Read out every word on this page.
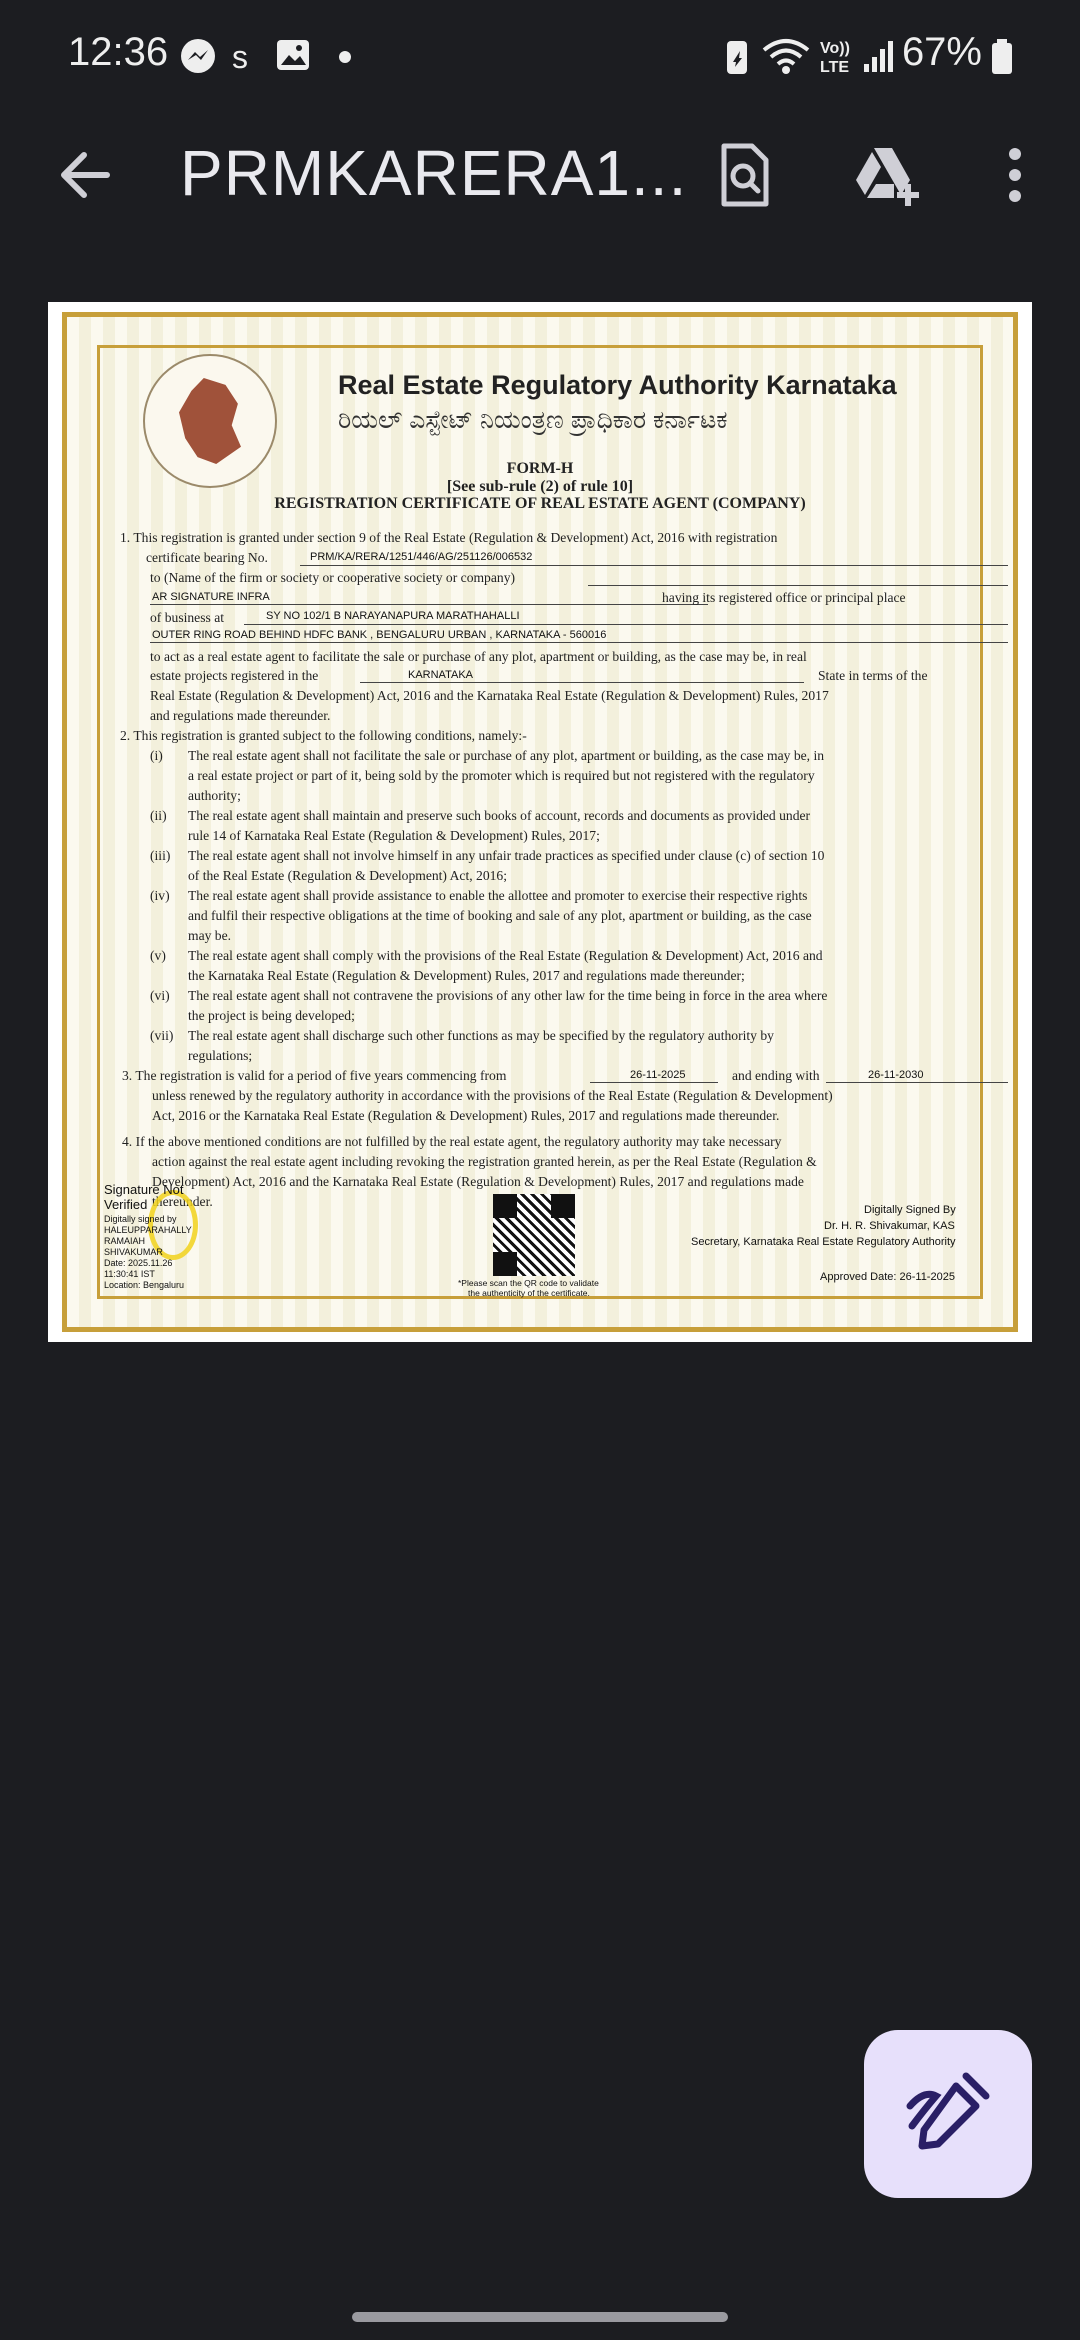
12:36 s	Vo))
LTE 67%
PRMKARERA1...
Real Estate Regulatory Authority Karnataka
ರಿಯಲ್ ಎಸ್ಟೇಟ್ ನಿಯಂತ್ರಣ ಪ್ರಾಧಿಕಾರ ಕರ್ನಾಟಕ
FORM-H
[See sub-rule (2) of rule 10]
REGISTRATION CERTIFICATE OF REAL ESTATE AGENT (COMPANY)
1. This registration is granted under section 9 of the Real Estate (Regulation & Development) Act, 2016 with registration
certificate bearing No.	PRM/KA/RERA/1251/446/AG/251126/006532
to (Name of the firm or society or cooperative society or company)
AR SIGNATURE INFRA	having its registered office or principal place
of business at	SY NO 102/1 B NARAYANAPURA MARATHAHALLI
OUTER RING ROAD BEHIND HDFC BANK , BENGALURU URBAN , KARNATAKA - 560016
to act as a real estate agent to facilitate the sale or purchase of any plot, apartment or building, as the case may be, in real
estate projects registered in the	KARNATAKA	State in terms of the
Real Estate (Regulation & Development) Act, 2016 and the Karnataka Real Estate (Regulation & Development) Rules, 2017
and regulations made thereunder.
2. This registration is granted subject to the following conditions, namely:-
(i) The real estate agent shall not facilitate the sale or purchase of any plot, apartment or building, as the case may be, in
a real estate project or part of it, being sold by the promoter which is required but not registered with the regulatory
authority;
(ii) The real estate agent shall maintain and preserve such books of account, records and documents as provided under
rule 14 of Karnataka Real Estate (Regulation & Development) Rules, 2017;
(iii) The real estate agent shall not involve himself in any unfair trade practices as specified under clause (c) of section 10
of the Real Estate (Regulation & Development) Act, 2016;
(iv) The real estate agent shall provide assistance to enable the allottee and promoter to exercise their respective rights
and fulfil their respective obligations at the time of booking and sale of any plot, apartment or building, as the case
may be.
(v) The real estate agent shall comply with the provisions of the Real Estate (Regulation & Development) Act, 2016 and
the Karnataka Real Estate (Regulation & Development) Rules, 2017 and regulations made thereunder;
(vi) The real estate agent shall not contravene the provisions of any other law for the time being in force in the area where
the project is being developed;
(vii) The real estate agent shall discharge such other functions as may be specified by the regulatory authority by
regulations;
3. The registration is valid for a period of five years commencing from	26-11-2025	and ending with	26-11-2030
unless renewed by the regulatory authority in accordance with the provisions of the Real Estate (Regulation & Development)
Act, 2016 or the Karnataka Real Estate (Regulation & Development) Rules, 2017 and regulations made thereunder.
4. If the above mentioned conditions are not fulfilled by the real estate agent, the regulatory authority may take necessary
action against the real estate agent including revoking the registration granted herein, as per the Real Estate (Regulation &
Development) Act, 2016 and the Karnataka Real Estate (Regulation & Development) Rules, 2017 and regulations made
thereunder.
Signature Not
Verified
Digitally signed by
HALEUPPARAHALLY
RAMAIAH
SHIVAKUMAR
Date: 2025.11.26
11:30:41 IST
Location: Bengaluru	*Please scan the QR code to validate
the authenticity of the certificate.
Digitally Signed By
Dr. H. R. Shivakumar, KAS
Secretary, Karnataka Real Estate Regulatory Authority
Approved Date: 26-11-2025
